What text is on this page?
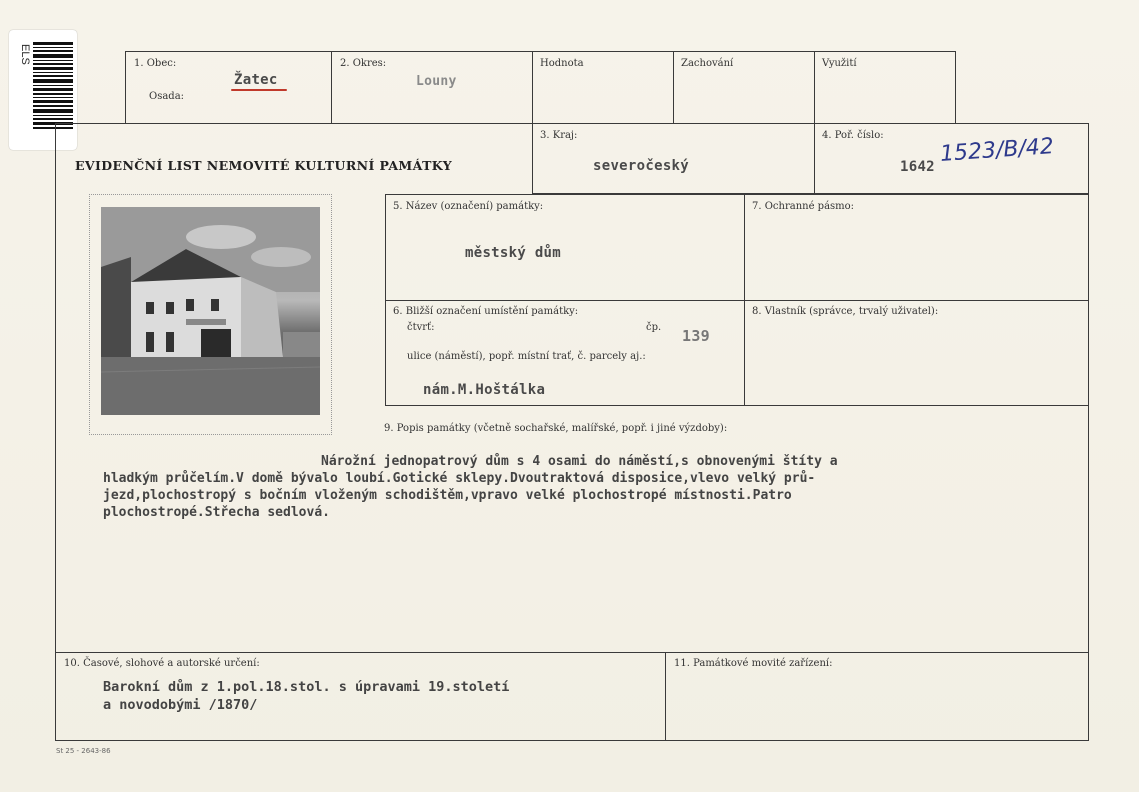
ELS	1. Obec:
Žatec
Osada:
2. Okres:
Louny
Hodnota	Zachování	Využití
EVIDENČNÍ LIST NEMOVITÉ KULTURNÍ PAMÁTKY
3. Kraj:
severočeský
4. Poř. číslo:
1642
1523/B/42
5. Název (označení) památky:
městský dům
7. Ochranné pásmo:
6. Bližší označení umístění památky:
čtvrť:	čp. 139
ulice (náměstí), popř. místní trať, č. parcely aj.:
nám.M.Hoštálka
8. Vlastník (správce, trvalý uživatel):
9. Popis památky (včetně sochařské, malířské, popř. i jiné výzdoby):
Nárožní jednopatrový dům s 4 osami do náměstí,s obnovenými štíty a
jezd,plochostropý s bočním vloženým schodištěm,vpravo velké plochostropé místnosti.Patro
plochostropé.Střecha sedlová.
hladkým průčelím.V domě bývalo loubí.Gotické sklepy.Dvoutraktová disposice,vlevo velký prů-
10. Časové, slohové a autorské určení:
Barokní dům z 1.pol.18.stol. s úpravami 19.století
a novodobými /1870/
11. Památkové movité zařízení:
St 25 - 2643-86
